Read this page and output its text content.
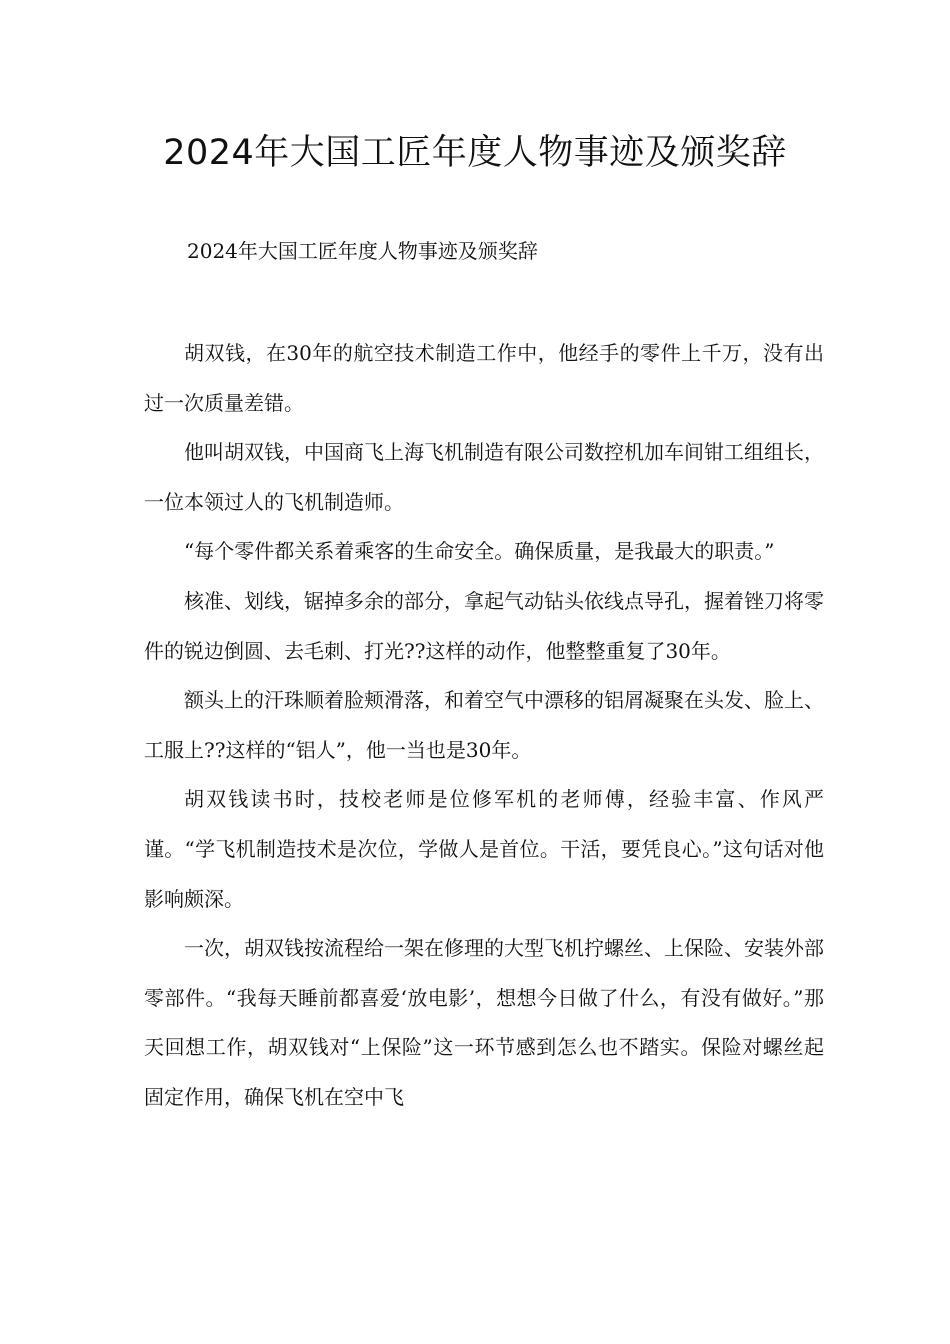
2024年大国工匠年度人物事迹及颁奖辞

2024年大国工匠年度人物事迹及颁奖辞

胡双钱，在30年的航空技术制造工作中，他经手的零件上千万，没有出过一次质量差错。

他叫胡双钱，中国商飞上海飞机制造有限公司数控机加车间钳工组组长，一位本领过人的飞机制造师。

“每个零件都关系着乘客的生命安全。确保质量，是我最大的职责。”

核准、划线，锯掉多余的部分，拿起气动钻头依线点导孔，握着锉刀将零件的锐边倒圆、去毛刺、打光??这样的动作，他整整重复了30年。

额头上的汗珠顺着脸颊滑落，和着空气中漂移的铝屑凝聚在头发、脸上、工服上??这样的“铝人”，他一当也是30年。

胡双钱读书时，技校老师是位修军机的老师傅，经验丰富、作风严谨。“学飞机制造技术是次位，学做人是首位。干活，要凭良心。”这句话对他影响颇深。

一次，胡双钱按流程给一架在修理的大型飞机拧螺丝、上保险、安装外部零部件。“我每天睡前都喜爱‘放电影’，想想今日做了什么，有没有做好。”那天回想工作，胡双钱对“上保险”这一环节感到怎么也不踏实。保险对螺丝起固定作用，确保飞机在空中飞
